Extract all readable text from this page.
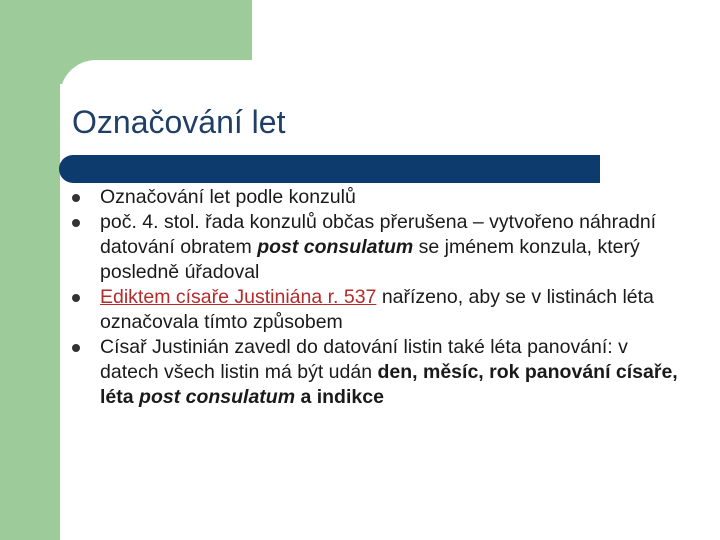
Označování let
Označování let podle konzulů
poč. 4. stol. řada konzulů občas přerušena – vytvořeno náhradní datování obratem post consulatum se jménem konzula, který posledně úřadoval
Ediktem císaře Justiniána r. 537 nařízeno, aby se v listinách léta označovala tímto způsobem
Císař Justinián zavedl do datování listin také léta panování: v datech všech listin má být udán den, měsíc, rok panování císaře, léta post consulatum a indikce
